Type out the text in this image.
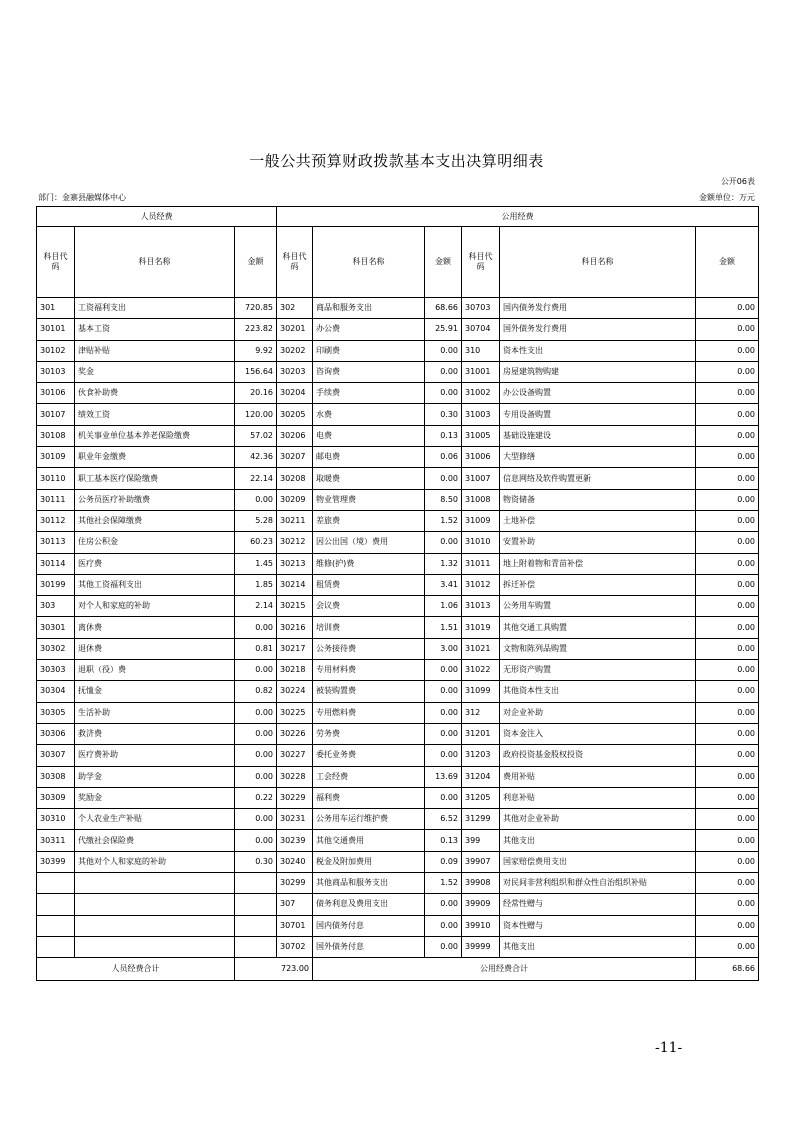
一般公共预算财政拨款基本支出决算明细表
公开06表
部门：金寨县融媒体中心	金额单位：万元
人员经费			公用经费					
科目代码	科目名称	金额	科目代码	科目名称	金额	科目代码	科目名称	金额
301	工资福利支出	720.85	302	商品和服务支出	68.66	30703	国内债务发行费用	0.00
30101	基本工资	223.82	30201	办公费	25.91	30704	国外债务发行费用	0.00
30102	津贴补贴	9.92	30202	印刷费	0.00	310	资本性支出	0.00
30103	奖金	156.64	30203	咨询费	0.00	31001	房屋建筑物购建	0.00
30106	伙食补助费	20.16	30204	手续费	0.00	31002	办公设备购置	0.00
30107	绩效工资	120.00	30205	水费	0.30	31003	专用设备购置	0.00
30108	机关事业单位基本养老保险缴费	57.02	30206	电费	0.13	31005	基础设施建设	0.00
30109	职业年金缴费	42.36	30207	邮电费	0.06	31006	大型修缮	0.00
30110	职工基本医疗保险缴费	22.14	30208	取暖费	0.00	31007	信息网络及软件购置更新	0.00
30111	公务员医疗补助缴费	0.00	30209	物业管理费	8.50	31008	物资储备	0.00
30112	其他社会保障缴费	5.28	30211	差旅费	1.52	31009	土地补偿	0.00
30113	住房公积金	60.23	30212	因公出国（境）费用	0.00	31010	安置补助	0.00
30114	医疗费	1.45	30213	维修(护)费	1.32	31011	地上附着物和青苗补偿	0.00
30199	其他工资福利支出	1.85	30214	租赁费	3.41	31012	拆迁补偿	0.00
303	对个人和家庭的补助	2.14	30215	会议费	1.06	31013	公务用车购置	0.00
30301	离休费	0.00	30216	培训费	1.51	31019	其他交通工具购置	0.00
30302	退休费	0.81	30217	公务接待费	3.00	31021	文物和陈列品购置	0.00
30303	退职（役）费	0.00	30218	专用材料费	0.00	31022	无形资产购置	0.00
30304	抚恤金	0.82	30224	被装购置费	0.00	31099	其他资本性支出	0.00
30305	生活补助	0.00	30225	专用燃料费	0.00	312	对企业补助	0.00
30306	救济费	0.00	30226	劳务费	0.00	31201	资本金注入	0.00
30307	医疗费补助	0.00	30227	委托业务费	0.00	31203	政府投资基金股权投资	0.00
30308	助学金	0.00	30228	工会经费	13.69	31204	费用补贴	0.00
30309	奖励金	0.22	30229	福利费	0.00	31205	利息补贴	0.00
30310	个人农业生产补贴	0.00	30231	公务用车运行维护费	6.52	31299	其他对企业补助	0.00
30311	代缴社会保险费	0.00	30239	其他交通费用	0.13	399	其他支出	0.00
30399	其他对个人和家庭的补助	0.30	30240	税金及附加费用	0.09	39907	国家赔偿费用支出	0.00
			30299	其他商品和服务支出	1.52	39908	对民间非营利组织和群众性自治组织补贴	0.00
			307	债务利息及费用支出	0.00	39909	经常性赠与	0.00
			30701	国内债务付息	0.00	39910	资本性赠与	0.00
			30702	国外债务付息	0.00	39999	其他支出	0.00
人员经费合计		723.00		公用经费合计				68.66
-11-
